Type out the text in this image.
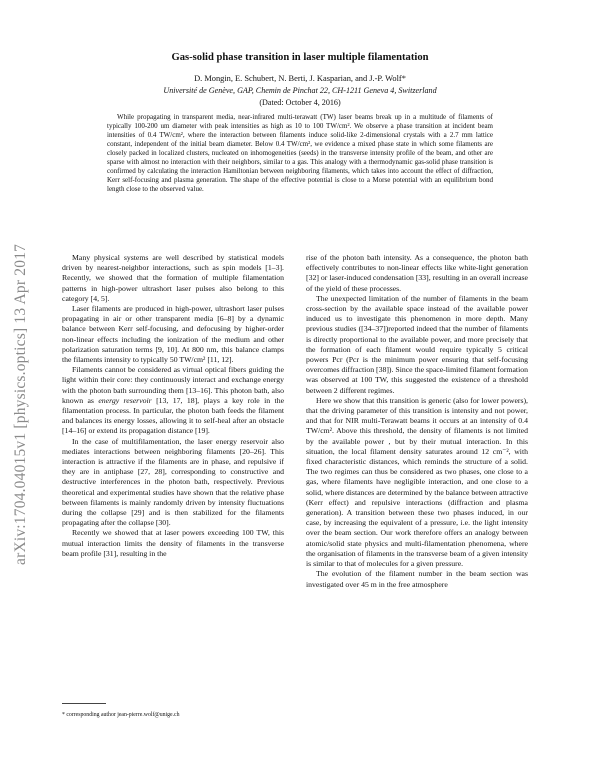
arXiv:1704.04015v1 [physics.optics] 13 Apr 2017
Gas-solid phase transition in laser multiple filamentation
D. Mongin, E. Schubert, N. Berti, J. Kasparian, and J.-P. Wolf*
Université de Genève, GAP, Chemin de Pinchat 22, CH-1211 Geneva 4, Switzerland
(Dated: October 4, 2016)

While propagating in transparent media, near-infrared multi-terawatt (TW) laser beams break up in a multitude of filaments of typically 100-200 um diameter with peak intensities as high as 10 to 100 TW/cm². We observe a phase transition at incident beam intensities of 0.4 TW/cm², where the interaction between filaments induce solid-like 2-dimensional crystals with a 2.7 mm lattice constant, independent of the initial beam diameter. Below 0.4 TW/cm², we evidence a mixed phase state in which some filaments are closely packed in localized clusters, nucleated on inhomogeneities (seeds) in the transverse intensity profile of the beam, and other are sparse with almost no interaction with their neighbors, similar to a gas. This analogy with a thermodynamic gas-solid phase transition is confirmed by calculating the interaction Hamiltonian between neighboring filaments, which takes into account the effect of diffraction, Kerr self-focusing and plasma generation. The shape of the effective potential is close to a Morse potential with an equilibrium bond length close to the observed value.

Many physical systems are well described by statistical models driven by nearest-neighbor interactions, such as spin models [1–3]. Recently, we showed that the formation of multiple filamentation patterns in high-power ultrashort laser pulses also belong to this category [4, 5].

Laser filaments are produced in high-power, ultrashort laser pulses propagating in air or other transparent media [6–8] by a dynamic balance between Kerr self-focusing, and defocusing by higher-order non-linear effects including the ionization of the medium and other polarization saturation terms [9, 10]. At 800 nm, this balance clamps the filaments intensity to typically 50 TW/cm² [11, 12].

Filaments cannot be considered as virtual optical fibers guiding the light within their core: they continuously interact and exchange energy with the photon bath surrounding them [13–16]. This photon bath, also known as energy reservoir [13, 17, 18], plays a key role in the filamentation process. In particular, the photon bath feeds the filament and balances its energy losses, allowing it to self-heal after an obstacle [14–16] or extend its propagation distance [19].

In the case of multifilamentation, the laser energy reservoir also mediates interactions between neighboring filaments [20–26]. This interaction is attractive if the filaments are in phase, and repulsive if they are in antiphase [27, 28], corresponding to constructive and destructive interferences in the photon bath, respectively. Previous theoretical and experimental studies have shown that the relative phase between filaments is mainly randomly driven by intensity fluctuations during the collapse [29] and is then stabilized for the filaments propagating after the collapse [30].

Recently we showed that at laser powers exceeding 100 TW, this mutual interaction limits the density of filaments in the transverse beam profile [31], resulting in the

* corresponding author jean-pierre.wolf@unige.ch

rise of the photon bath intensity. As a consequence, the photon bath effectively contributes to non-linear effects like white-light generation [32] or laser-induced condensation [33], resulting in an overall increase of the yield of these processes.

The unexpected limitation of the number of filaments in the beam cross-section by the available space instead of the available power induced us to investigate this phenomenon in more depth. Many previous studies ([34–37])reported indeed that the number of filaments is directly proportional to the available power, and more precisely that the formation of each filament would require typically 5 critical powers Pcr (Pcr is the minimum power ensuring that self-focusing overcomes diffraction [38]). Since the space-limited filament formation was observed at 100 TW, this suggested the existence of a threshold between 2 different regimes.

Here we show that this transition is generic (also for lower powers), that the driving parameter of this transition is intensity and not power, and that for NIR multi-Terawatt beams it occurs at an intensity of 0.4 TW/cm². Above this threshold, the density of filaments is not limited by the available power , but by their mutual interaction. In this situation, the local filament density saturates around 12 cm⁻², with fixed characteristic distances, which reminds the structure of a solid. The two regimes can thus be considered as two phases, one close to a gas, where filaments have negligible interaction, and one close to a solid, where distances are determined by the balance between attractive (Kerr effect) and repulsive interactions (diffraction and plasma generation). A transition between these two phases induced, in our case, by increasing the equivalent of a pressure, i.e. the light intensity over the beam section. Our work therefore offers an analogy between atomic/solid state physics and multi-filamentation phenomena, where the organisation of filaments in the transverse beam of a given intensity is similar to that of molecules for a given pressure.

The evolution of the filament number in the beam section was investigated over 45 m in the free atmosphere
